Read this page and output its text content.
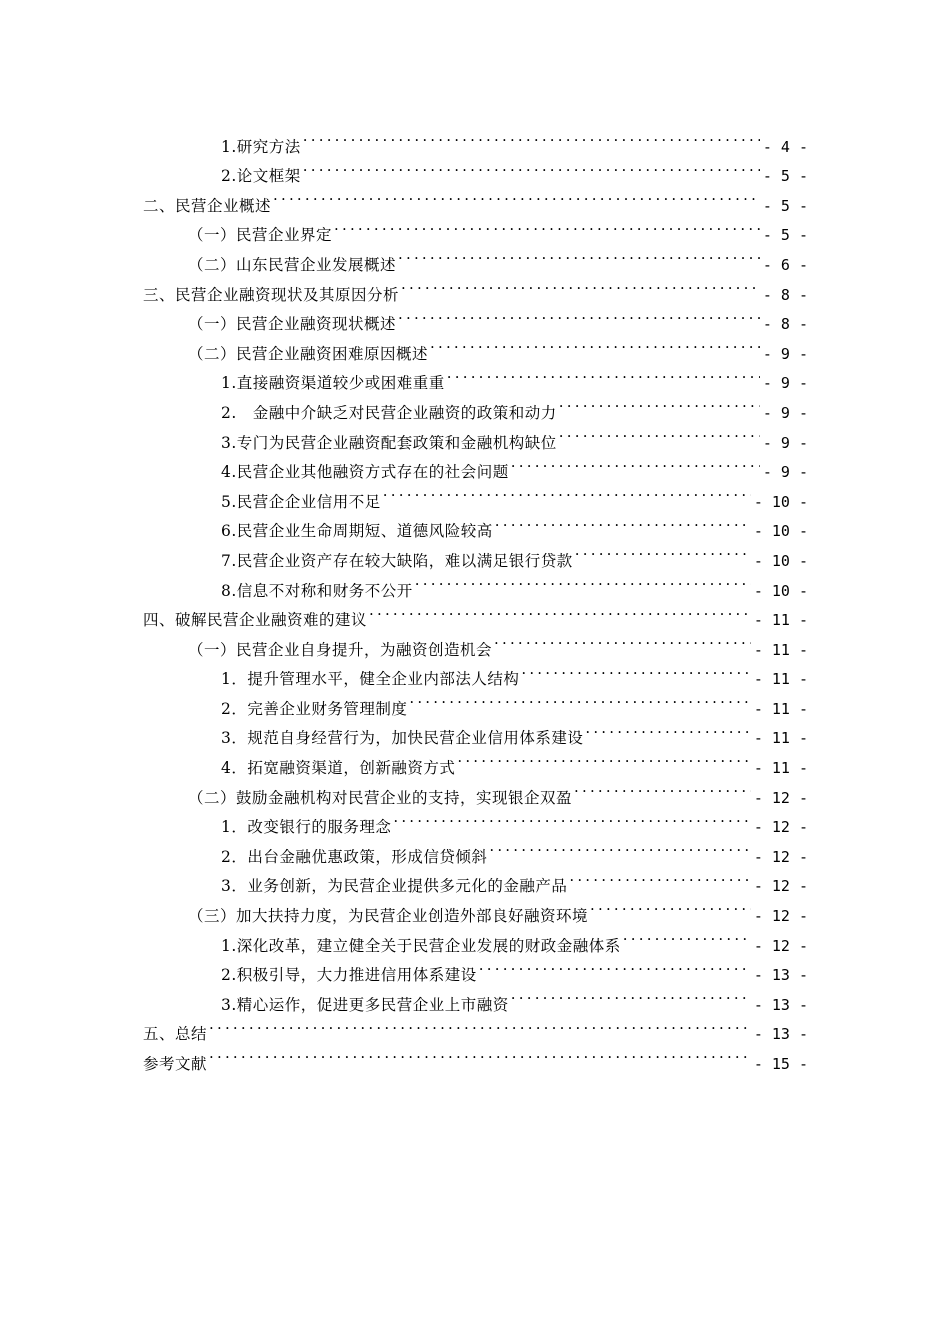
1.研究方法 .....	- 4 -
2.论文框架 .....	- 5 -
二、民营企业概述 .....	- 5 -
（一）民营企业界定 .....	- 5 -
（二）山东民营企业发展概述 .....	- 6 -
三、民营企业融资现状及其原因分析 .....	- 8 -
（一）民营企业融资现状概述 .....	- 8 -
（二）民营企业融资困难原因概述 .....	- 9 -
1.直接融资渠道较少或困难重重 .....	- 9 -
2.　金融中介缺乏对民营企业融资的政策和动力 .....	- 9 -
3.专门为民营企业融资配套政策和金融机构缺位 .....	- 9 -
4.民营企业其他融资方式存在的社会问题 .....	- 9 -
5.民营企企业信用不足 .....	- 10 -
6.民营企业生命周期短、道德风险较高 .....	- 10 -
7.民营企业资产存在较大缺陷，难以满足银行贷款 .....	- 10 -
8.信息不对称和财务不公开 .....	- 10 -
四、破解民营企业融资难的建议 .....	- 11 -
（一）民营企业自身提升，为融资创造机会 .....	- 11 -
1．提升管理水平，健全企业内部法人结构 .....	- 11 -
2．完善企业财务管理制度 .....	- 11 -
3．规范自身经营行为，加快民营企业信用体系建设 .....	- 11 -
4．拓宽融资渠道，创新融资方式 .....	- 11 -
（二）鼓励金融机构对民营企业的支持，实现银企双盈 .....	- 12 -
1．改变银行的服务理念 .....	- 12 -
2．出台金融优惠政策，形成信贷倾斜 .....	- 12 -
3．业务创新，为民营企业提供多元化的金融产品 .....	- 12 -
（三）加大扶持力度，为民营企业创造外部良好融资环境 .....	- 12 -
1.深化改革，建立健全关于民营企业发展的财政金融体系 .....	- 12 -
2.积极引导，大力推进信用体系建设 .....	- 13 -
3.精心运作，促进更多民营企业上市融资 .....	- 13 -
五、总结 .....	- 13 -
参考文献 .....	- 15 -
